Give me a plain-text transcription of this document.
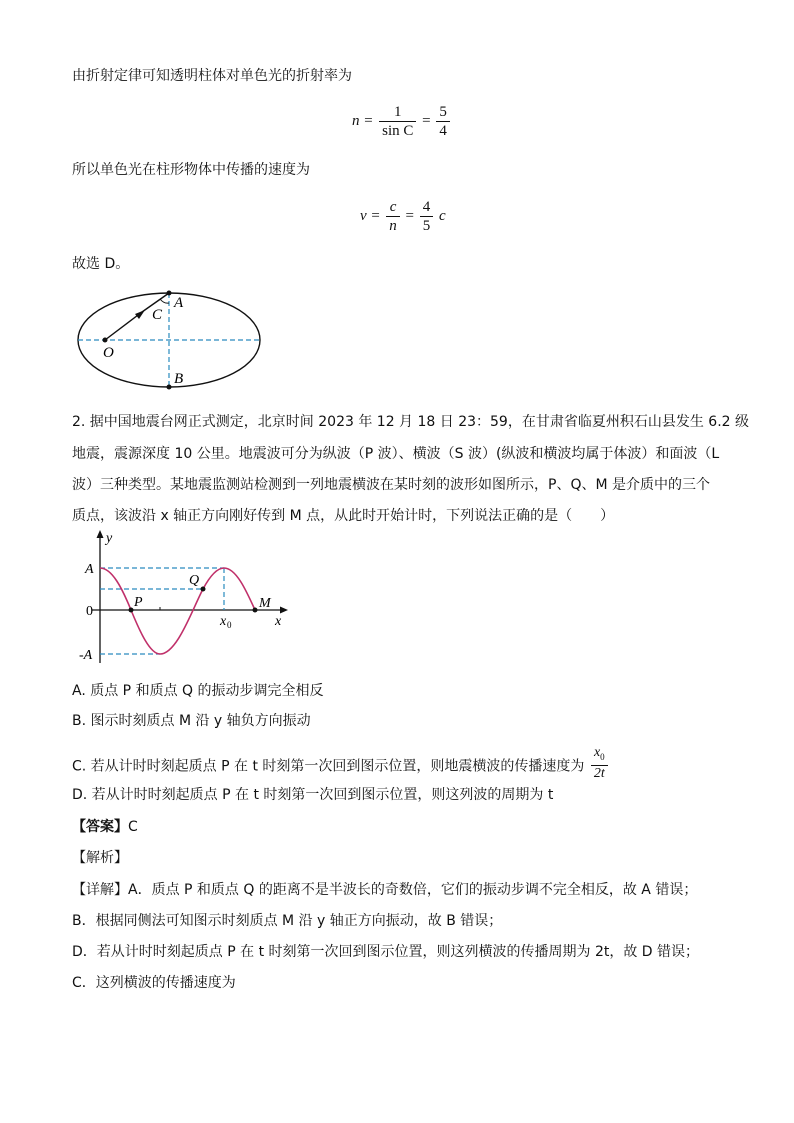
由折射定律可知透明柱体对单色光的折射率为
$n = \frac{1}{\text{sin C}} = \frac{5}{4}$
所以单色光在柱形物体中传播的速度为
$v = \frac{c}{n} = \frac{4}{5}$ c
故选 D。
A
C
O
B
2. 据中国地震台网正式测定，北京时间 2023 年 12 月 18 日 23：59，在甘肃省临夏州积石山县发生 6.2 级
地震，震源深度 10 公里。地震波可分为纵波（P 波）、横波（S 波）(纵波和横波均属于体波）和面波（L
波）三种类型。某地震监测站检测到一列地震横波在某时刻的波形如图所示，P、Q、M 是介质中的三个
质点，该波沿 x 轴正方向刚好传到 M 点，从此时开始计时，下列说法正确的是（　　）
y
A
0
-A
P
Q
M
x 0	x
A. 质点 P 和质点 Q 的振动步调完全相反
B. 图示时刻质点 M 沿 y 轴负方向振动
C. 若从计时时刻起质点 P 在 t 时刻第一次回到图示位置，则地震横波的传播速度为 $\frac{x_0}{2t}$
D. 若从计时时刻起质点 P 在 t 时刻第一次回到图示位置，则这列波的周期为 t
【答案】C
【解析】
【详解】A．质点 P 和质点 Q 的距离不是半波长的奇数倍，它们的振动步调不完全相反，故 A 错误；
B．根据同侧法可知图示时刻质点 M 沿 y 轴正方向振动，故 B 错误；
D．若从计时时刻起质点 P 在 t 时刻第一次回到图示位置，则这列横波的传播周期为 2t，故 D 错误；
C．这列横波的传播速度为
